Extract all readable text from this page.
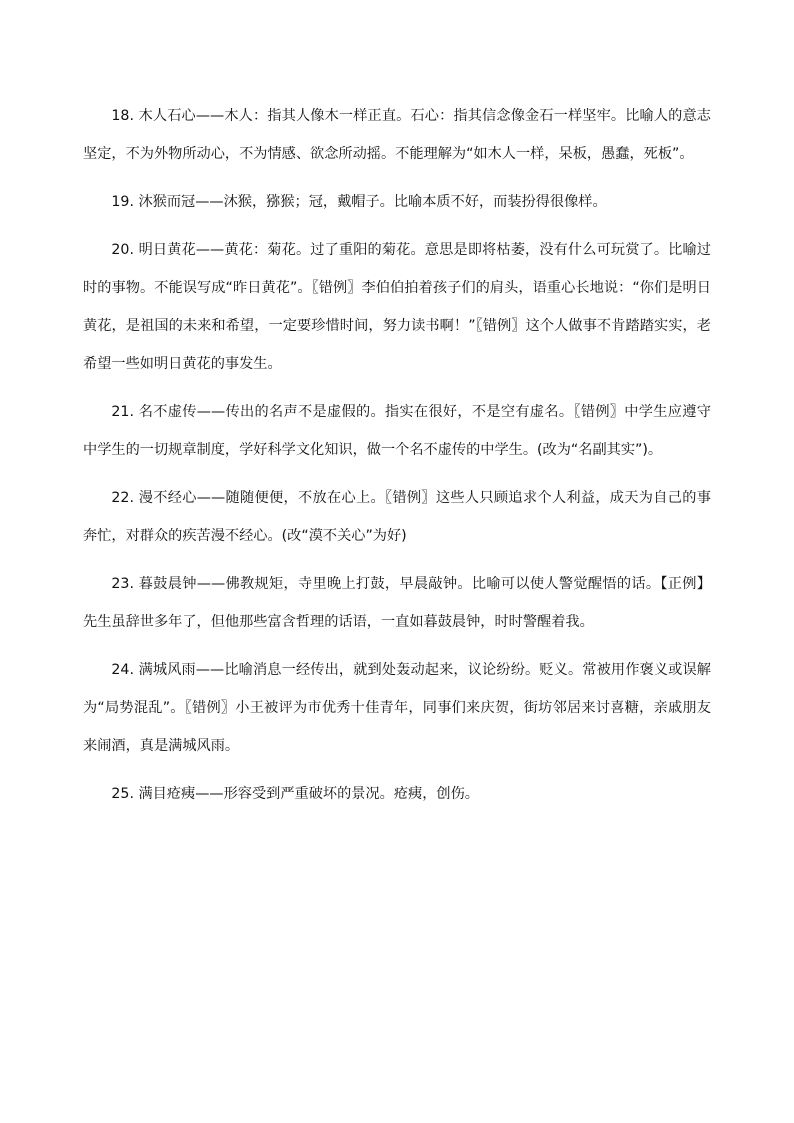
18. 木人石心——木人：指其人像木一样正直。石心：指其信念像金石一样坚牢。比喻人的意志坚定，不为外物所动心，不为情感、欲念所动摇。不能理解为“如木人一样，呆板，愚蠢，死板”。

19. 沐猴而冠——沐猴，猕猴；冠，戴帽子。比喻本质不好，而装扮得很像样。

20. 明日黄花——黄花：菊花。过了重阳的菊花。意思是即将枯萎，没有什么可玩赏了。比喻过时的事物。不能误写成“昨日黄花”。〖错例〗李伯伯拍着孩子们的肩头，语重心长地说：“你们是明日黄花，是祖国的未来和希望，一定要珍惜时间，努力读书啊！”〖错例〗这个人做事不肯踏踏实实，老希望一些如明日黄花的事发生。

21. 名不虚传——传出的名声不是虚假的。指实在很好，不是空有虚名。〖错例〗中学生应遵守中学生的一切规章制度，学好科学文化知识，做一个名不虚传的中学生。(改为“名副其实”)。

22. 漫不经心——随随便便，不放在心上。〖错例〗这些人只顾追求个人利益，成天为自己的事奔忙，对群众的疾苦漫不经心。(改“漠不关心”为好)

23. 暮鼓晨钟——佛教规矩，寺里晚上打鼓，早晨敲钟。比喻可以使人警觉醒悟的话。【正例】先生虽辞世多年了，但他那些富含哲理的话语，一直如暮鼓晨钟，时时警醒着我。

24. 满城风雨——比喻消息一经传出，就到处轰动起来，议论纷纷。贬义。常被用作褒义或误解为“局势混乱”。〖错例〗小王被评为市优秀十佳青年，同事们来庆贺，街坊邻居来讨喜糖，亲戚朋友来闹酒，真是满城风雨。

25. 满目疮痍——形容受到严重破坏的景况。疮痍，创伤。
